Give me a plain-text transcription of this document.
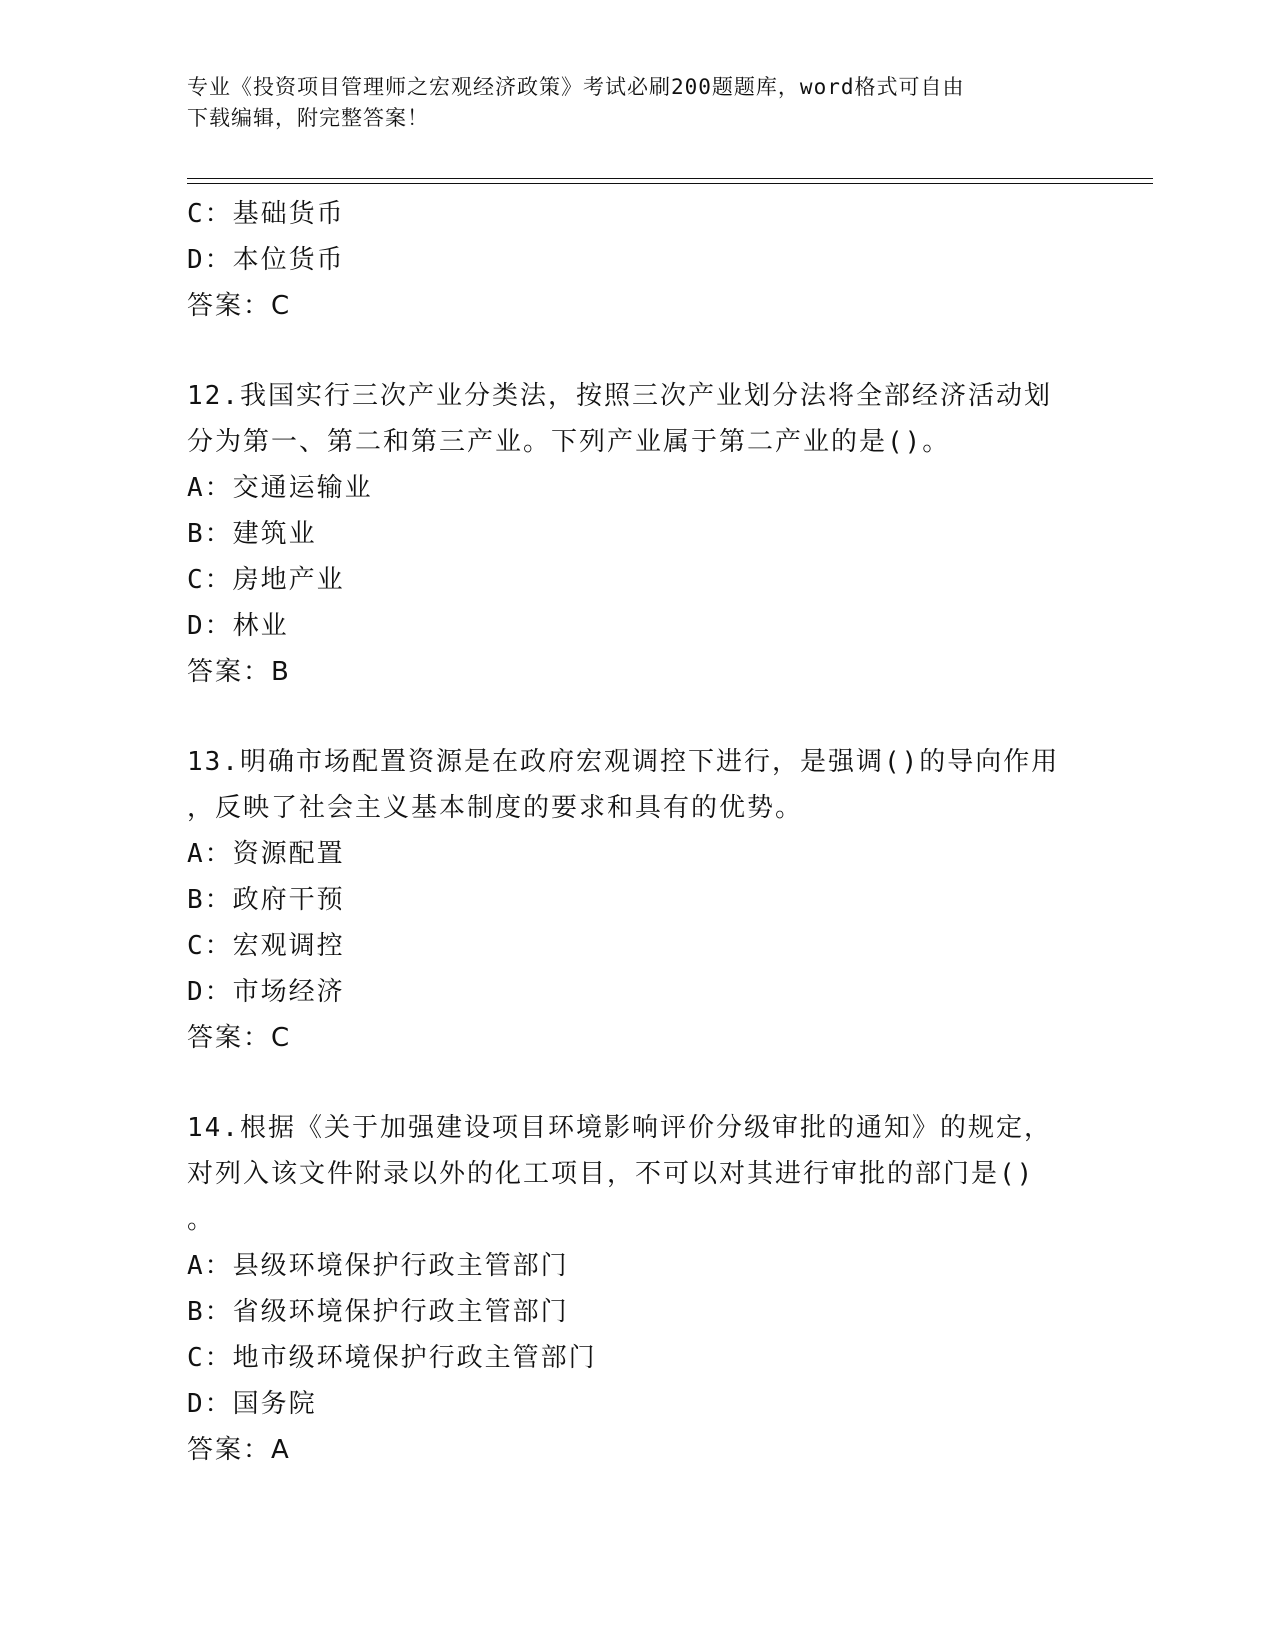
专业《投资项目管理师之宏观经济政策》考试必刷200题题库，word格式可自由
下载编辑，附完整答案！
C：基础货币
D：本位货币
答案：C
12.我国实行三次产业分类法，按照三次产业划分法将全部经济活动划
分为第一、第二和第三产业。下列产业属于第二产业的是()。
A：交通运输业
B：建筑业
C：房地产业
D：林业
答案：B
13.明确市场配置资源是在政府宏观调控下进行，是强调()的导向作用
，反映了社会主义基本制度的要求和具有的优势。
A：资源配置
B：政府干预
C：宏观调控
D：市场经济
答案：C
14.根据《关于加强建设项目环境影响评价分级审批的通知》的规定，
对列入该文件附录以外的化工项目，不可以对其进行审批的部门是()
。
A：县级环境保护行政主管部门
B：省级环境保护行政主管部门
C：地市级环境保护行政主管部门
D：国务院
答案：A
